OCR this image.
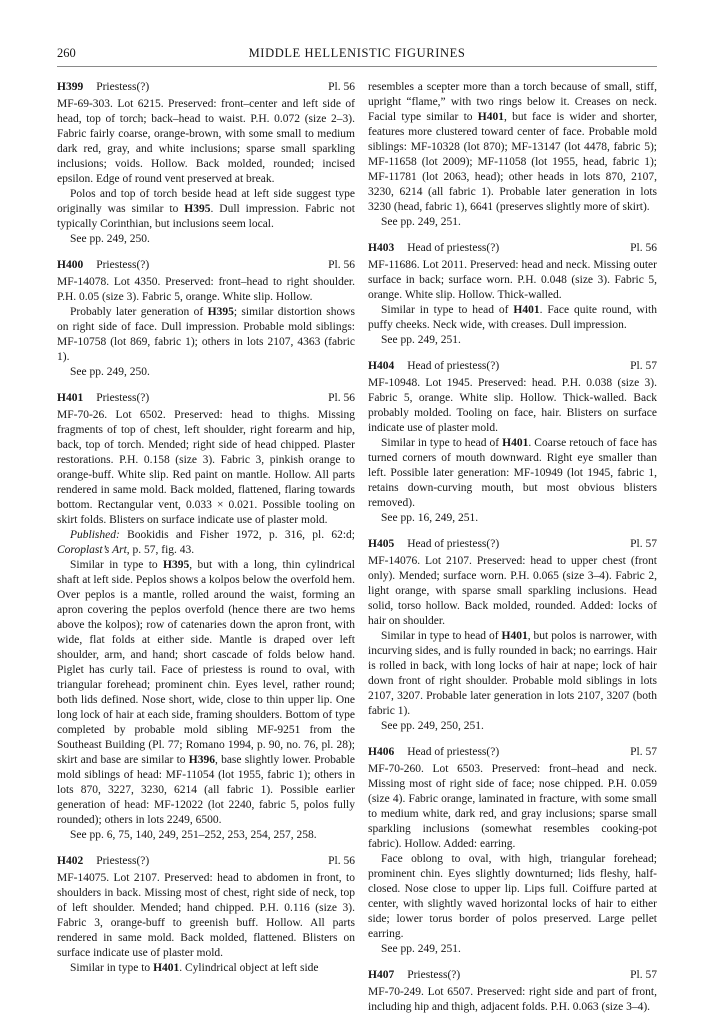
260	MIDDLE HELLENISTIC FIGURINES
H399 Priestess(?)	Pl. 56

MF-69-303. Lot 6215. Preserved: front–center and left side of head, top of torch; back–head to waist. P.H. 0.072 (size 2–3). Fabric fairly coarse, orange-brown, with some small to medium dark red, gray, and white inclusions; sparse small sparkling inclusions; voids. Hollow. Back molded, rounded; incised epsilon. Edge of round vent preserved at break.

Polos and top of torch beside head at left side suggest type originally was similar to H395. Dull impression. Fabric not typically Corinthian, but inclusions seem local.

See pp. 249, 250.

H400 Priestess(?)	Pl. 56

MF-14078. Lot 4350. Preserved: front–head to right shoulder. P.H. 0.05 (size 3). Fabric 5, orange. White slip. Hollow.

Probably later generation of H395; similar distortion shows on right side of face. Dull impression. Probable mold siblings: MF-10758 (lot 869, fabric 1); others in lots 2107, 4363 (fabric 1).

See pp. 249, 250.

H401 Priestess(?)	Pl. 56

MF-70-26. Lot 6502. Preserved: head to thighs. Missing fragments of top of chest, left shoulder, right forearm and hip, back, top of torch. Mended; right side of head chipped. Plaster restorations. P.H. 0.158 (size 3). Fabric 3, pinkish orange to orange-buff. White slip. Red paint on mantle. Hollow. All parts rendered in same mold. Back molded, flattened, flaring towards bottom. Rectangular vent, 0.033 × 0.021. Possible tooling on skirt folds. Blisters on surface indicate use of plaster mold.

Published: Bookidis and Fisher 1972, p. 316, pl. 62:d; Coroplast’s Art, p. 57, fig. 43.

Similar in type to H395, but with a long, thin cylindrical shaft at left side. Peplos shows a kolpos below the overfold hem. Over peplos is a mantle, rolled around the waist, forming an apron covering the peplos overfold (hence there are two hems above the kolpos); row of catenaries down the apron front, with wide, flat folds at either side. Mantle is draped over left shoulder, arm, and hand; short cascade of folds below hand. Piglet has curly tail. Face of priestess is round to oval, with triangular forehead; prominent chin. Eyes level, rather round; both lids defined. Nose short, wide, close to thin upper lip. One long lock of hair at each side, framing shoulders. Bottom of type completed by probable mold sibling MF-9251 from the Southeast Building (Pl. 77; Romano 1994, p. 90, no. 76, pl. 28); skirt and base are similar to H396, base slightly lower. Probable mold siblings of head: MF-11054 (lot 1955, fabric 1); others in lots 870, 3227, 3230, 6214 (all fabric 1). Possible earlier generation of head: MF-12022 (lot 2240, fabric 5, polos fully rounded); others in lots 2249, 6500.

See pp. 6, 75, 140, 249, 251–252, 253, 254, 257, 258.

H402 Priestess(?)	Pl. 56

MF-14075. Lot 2107. Preserved: head to abdomen in front, to shoulders in back. Missing most of chest, right side of neck, top of left shoulder. Mended; hand chipped. P.H. 0.116 (size 3). Fabric 3, orange-buff to greenish buff. Hollow. All parts rendered in same mold. Back molded, flattened. Blisters on surface indicate use of plaster mold.

Similar in type to H401. Cylindrical object at left side

resembles a scepter more than a torch because of small, stiff, upright “flame,” with two rings below it. Creases on neck. Facial type similar to H401, but face is wider and shorter, features more clustered toward center of face. Probable mold siblings: MF-10328 (lot 870); MF-13147 (lot 4478, fabric 5); MF-11658 (lot 2009); MF-11058 (lot 1955, head, fabric 1); MF-11781 (lot 2063, head); other heads in lots 870, 2107, 3230, 6214 (all fabric 1). Probable later generation in lots 3230 (head, fabric 1), 6641 (preserves slightly more of skirt).

See pp. 249, 251.

H403 Head of priestess(?)	Pl. 56

MF-11686. Lot 2011. Preserved: head and neck. Missing outer surface in back; surface worn. P.H. 0.048 (size 3). Fabric 5, orange. White slip. Hollow. Thick-walled.

Similar in type to head of H401. Face quite round, with puffy cheeks. Neck wide, with creases. Dull impression.

See pp. 249, 251.

H404 Head of priestess(?)	Pl. 57

MF-10948. Lot 1945. Preserved: head. P.H. 0.038 (size 3). Fabric 5, orange. White slip. Hollow. Thick-walled. Back probably molded. Tooling on face, hair. Blisters on surface indicate use of plaster mold.

Similar in type to head of H401. Coarse retouch of face has turned corners of mouth downward. Right eye smaller than left. Possible later generation: MF-10949 (lot 1945, fabric 1, retains down-curving mouth, but most obvious blisters removed).

See pp. 16, 249, 251.

H405 Head of priestess(?)	Pl. 57

MF-14076. Lot 2107. Preserved: head to upper chest (front only). Mended; surface worn. P.H. 0.065 (size 3–4). Fabric 2, light orange, with sparse small sparkling inclusions. Head solid, torso hollow. Back molded, rounded. Added: locks of hair on shoulder.

Similar in type to head of H401, but polos is narrower, with incurving sides, and is fully rounded in back; no earrings. Hair is rolled in back, with long locks of hair at nape; lock of hair down front of right shoulder. Probable mold siblings in lots 2107, 3207. Probable later generation in lots 2107, 3207 (both fabric 1).

See pp. 249, 250, 251.

H406 Head of priestess(?)	Pl. 57

MF-70-260. Lot 6503. Preserved: front–head and neck. Missing most of right side of face; nose chipped. P.H. 0.059 (size 4). Fabric orange, laminated in fracture, with some small to medium white, dark red, and gray inclusions; sparse small sparkling inclusions (somewhat resembles cooking-pot fabric). Hollow. Added: earring.

Face oblong to oval, with high, triangular forehead; prominent chin. Eyes slightly downturned; lids fleshy, half-closed. Nose close to upper lip. Lips full. Coiffure parted at center, with slightly waved horizontal locks of hair to either side; lower torus border of polos preserved. Large pellet earring.

See pp. 249, 251.

H407 Priestess(?)	Pl. 57

MF-70-249. Lot 6507. Preserved: right side and part of front, including hip and thigh, adjacent folds. P.H. 0.063 (size 3–4).
